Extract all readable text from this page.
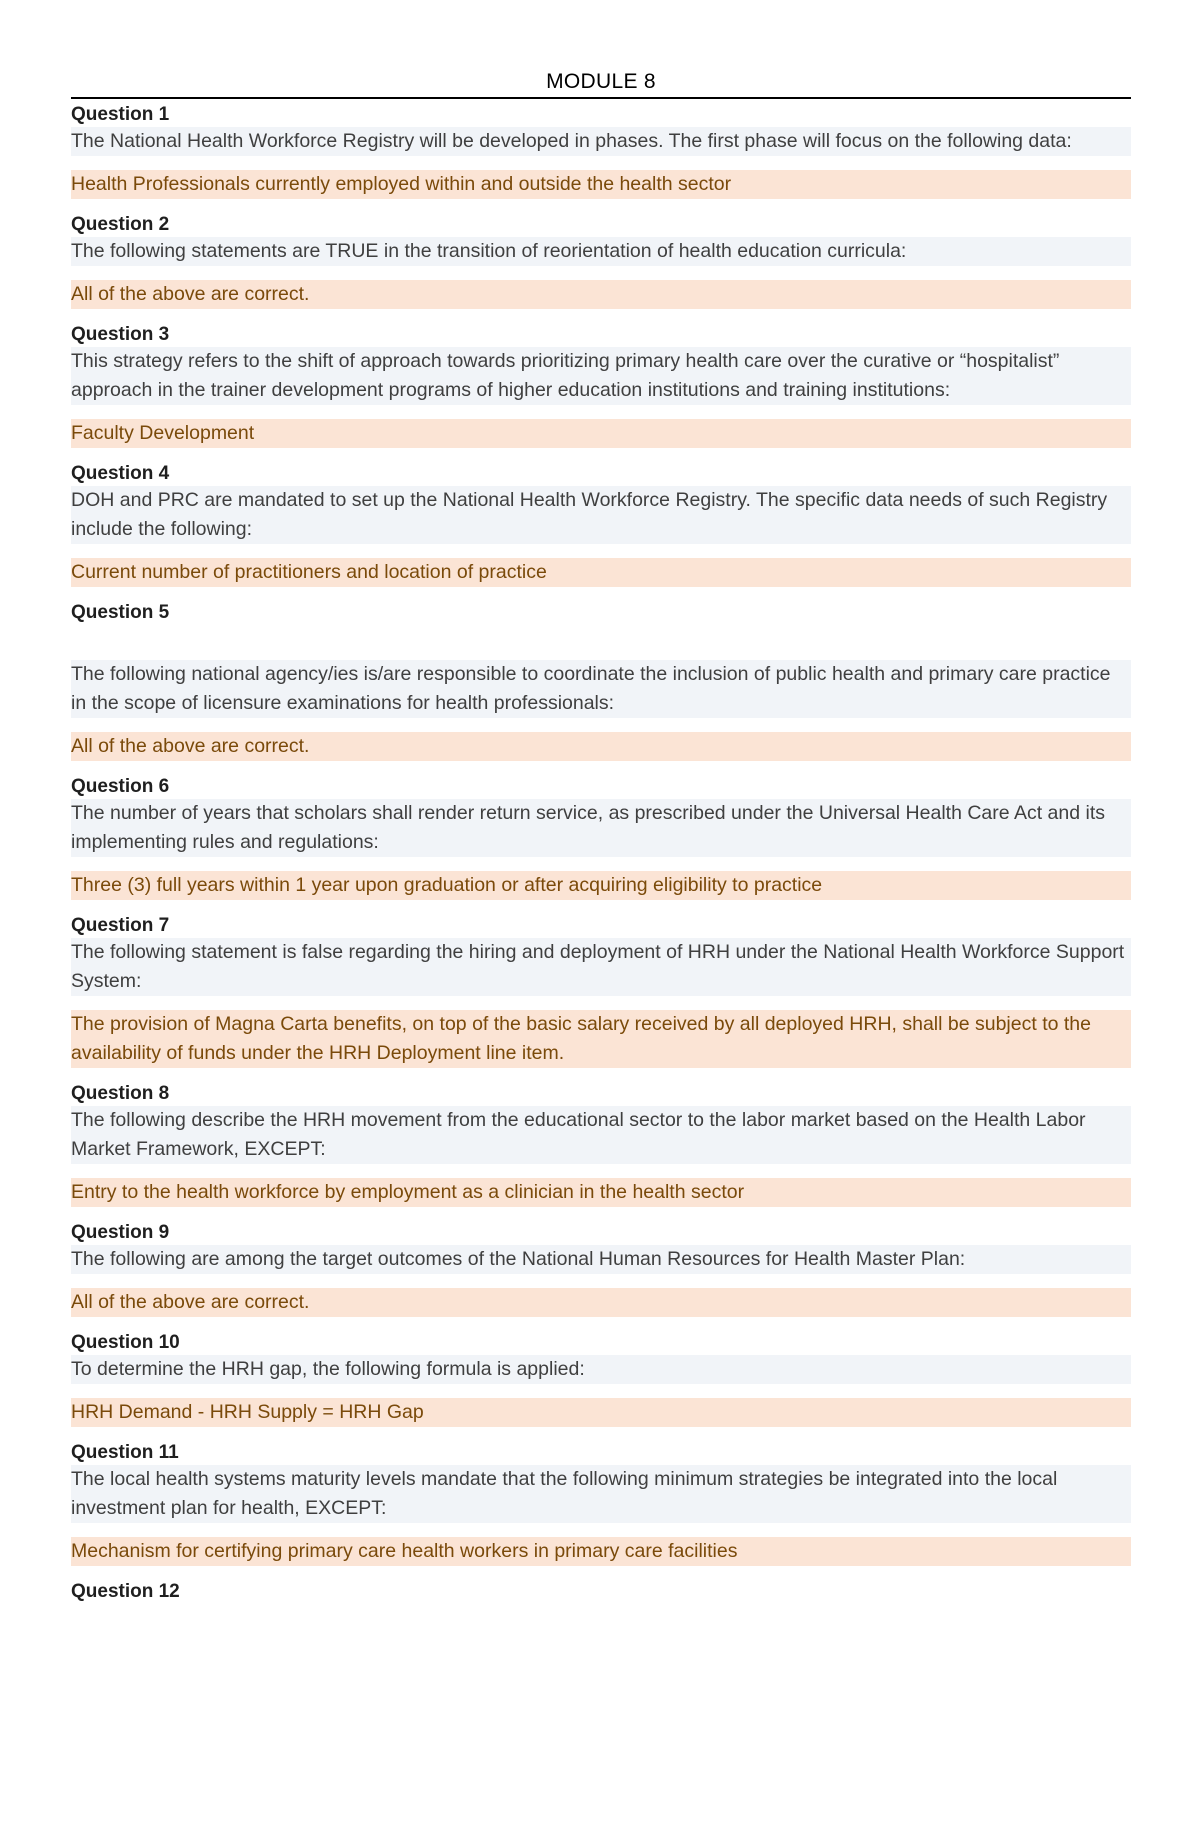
MODULE 8
Question 1
The National Health Workforce Registry will be developed in phases. The first phase will focus on the following data:
Health Professionals currently employed within and outside the health sector
Question 2
The following statements are TRUE in the transition of reorientation of health education curricula:
All of the above are correct.
Question 3
This strategy refers to the shift of approach towards prioritizing primary health care over the curative or “hospitalist” approach in the trainer development programs of higher education institutions and training institutions:
Faculty Development
Question 4
DOH and PRC are mandated to set up the National Health Workforce Registry. The specific data needs of such Registry include the following:
Current number of practitioners and location of practice
Question 5
The following national agency/ies is/are responsible to coordinate the inclusion of public health and primary care practice in the scope of licensure examinations for health professionals:
All of the above are correct.
Question 6
The number of years that scholars shall render return service, as prescribed under the Universal Health Care Act and its implementing rules and regulations:
Three (3) full years within 1 year upon graduation or after acquiring eligibility to practice
Question 7
The following statement is false regarding the hiring and deployment of HRH under the National Health Workforce Support System:
The provision of Magna Carta benefits, on top of the basic salary received by all deployed HRH, shall be subject to the availability of funds under the HRH Deployment line item.
Question 8
The following describe the HRH movement from the educational sector to the labor market based on the Health Labor Market Framework, EXCEPT:
Entry to the health workforce by employment as a clinician in the health sector
Question 9
The following are among the target outcomes of the National Human Resources for Health Master Plan:
All of the above are correct.
Question 10
To determine the HRH gap, the following formula is applied:
HRH Demand - HRH Supply = HRH Gap
Question 11
The local health systems maturity levels mandate that the following minimum strategies be integrated into the local investment plan for health, EXCEPT:
Mechanism for certifying primary care health workers in primary care facilities
Question 12
